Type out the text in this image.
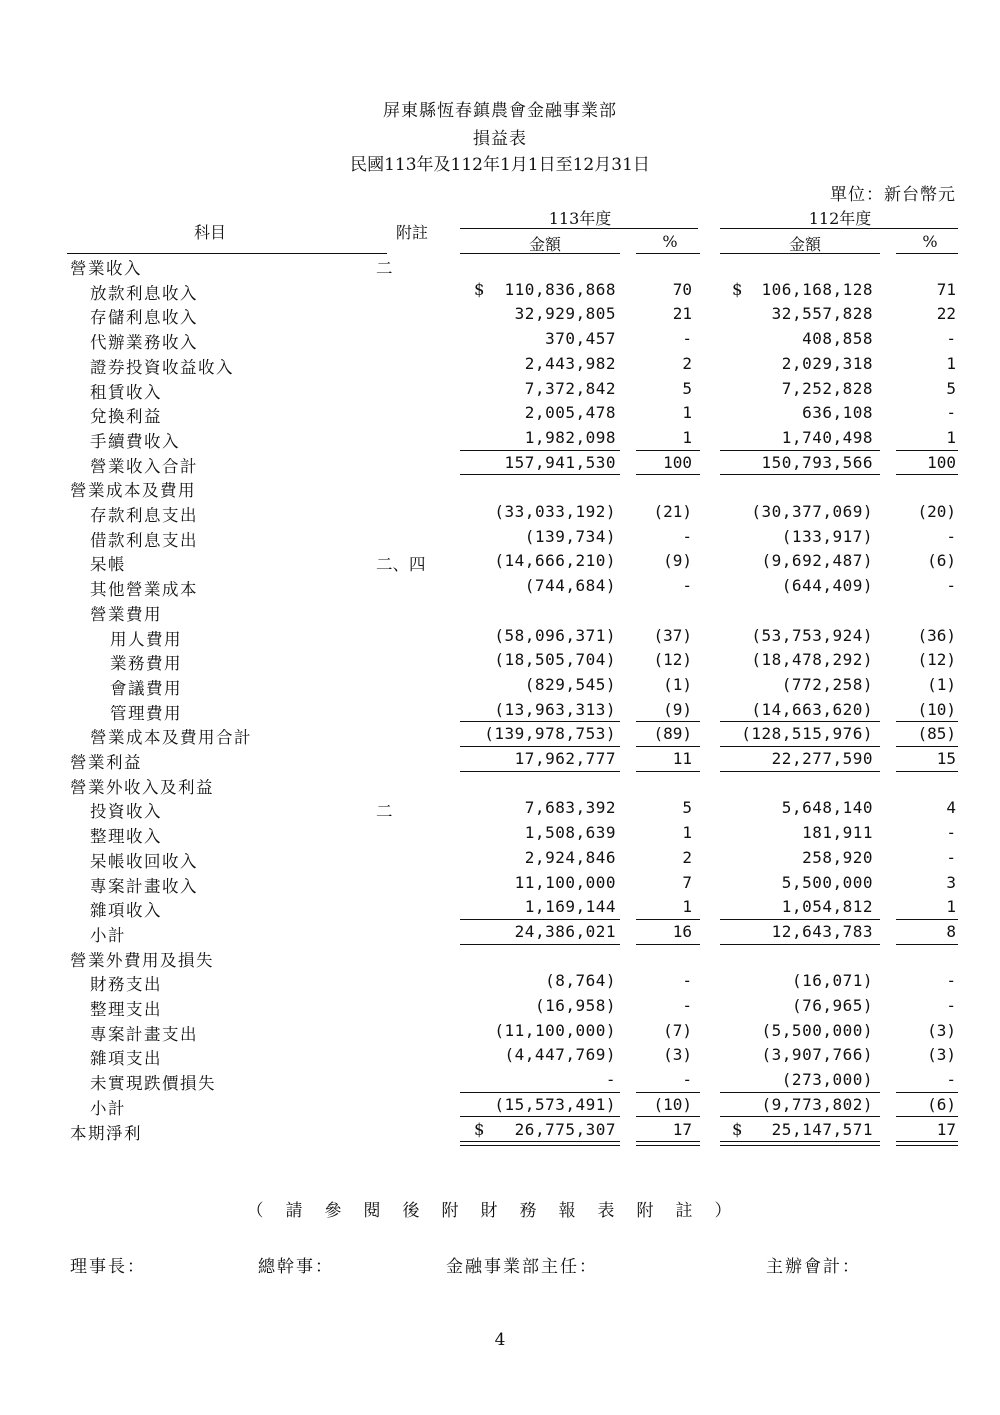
屏東縣恆春鎮農會金融事業部
損益表
民國113年及112年1月1日至12月31日
單位：新台幣元
科目	附註
113年度	112年度
金額	%	金額	%
營業收入	二
放款利息收入	$ 110,836,868	70 $ 106,168,128	71
存儲利息收入	32,929,805	21	32,557,828	22
代辦業務收入	370,457	-	408,858	-
證券投資收益收入	2,443,982	2	2,029,318	1
租賃收入	7,372,842	5	7,252,828	5
兌換利益	2,005,478	1	636,108	-
手續費收入	1,982,098	1	1,740,498	1
營業收入合計	157,941,530	100	150,793,566	100
營業成本及費用
存款利息支出	(33,033,192) (21)	(30,377,069)	(20)
借款利息支出	(139,734)	-	(133,917)	-
呆帳	二、四	(14,666,210)	(9)	(9,692,487)	(6)
其他營業成本	(744,684)	-	(644,409)	-
營業費用
用人費用	(58,096,371) (37)	(53,753,924)	(36)
業務費用	(18,505,704) (12)	(18,478,292)	(12)
會議費用	(829,545)	(1)	(772,258)	(1)
管理費用	(13,963,313)	(9)	(14,663,620)	(10)
營業成本及費用合計	(139,978,753) (89)	(128,515,976)	(85)
營業利益	17,962,777	11	22,277,590	15
營業外收入及利益
投資收入	二	7,683,392	5	5,648,140	4
整理收入	1,508,639	1	181,911	-
呆帳收回收入	2,924,846	2	258,920	-
專案計畫收入	11,100,000	7	5,500,000	3
雜項收入	1,169,144	1	1,054,812	1
小計	24,386,021	16	12,643,783	8
營業外費用及損失
財務支出	(8,764)	-	(16,071)	-
整理支出	(16,958)	-	(76,965)	-
專案計畫支出	(11,100,000)	(7)	(5,500,000)	(3)
雜項支出	(4,447,769)	(3)	(3,907,766)	(3)
未實現跌價損失	-	-	(273,000)	-
小計	(15,573,491) (10)	(9,773,802)	(6)
本期淨利	$ 26,775,307	17 $ 25,147,571	17
（請參閱後附財務報表附註）
理事長：	總幹事：	金融事業部主任：	主辦會計：
4
